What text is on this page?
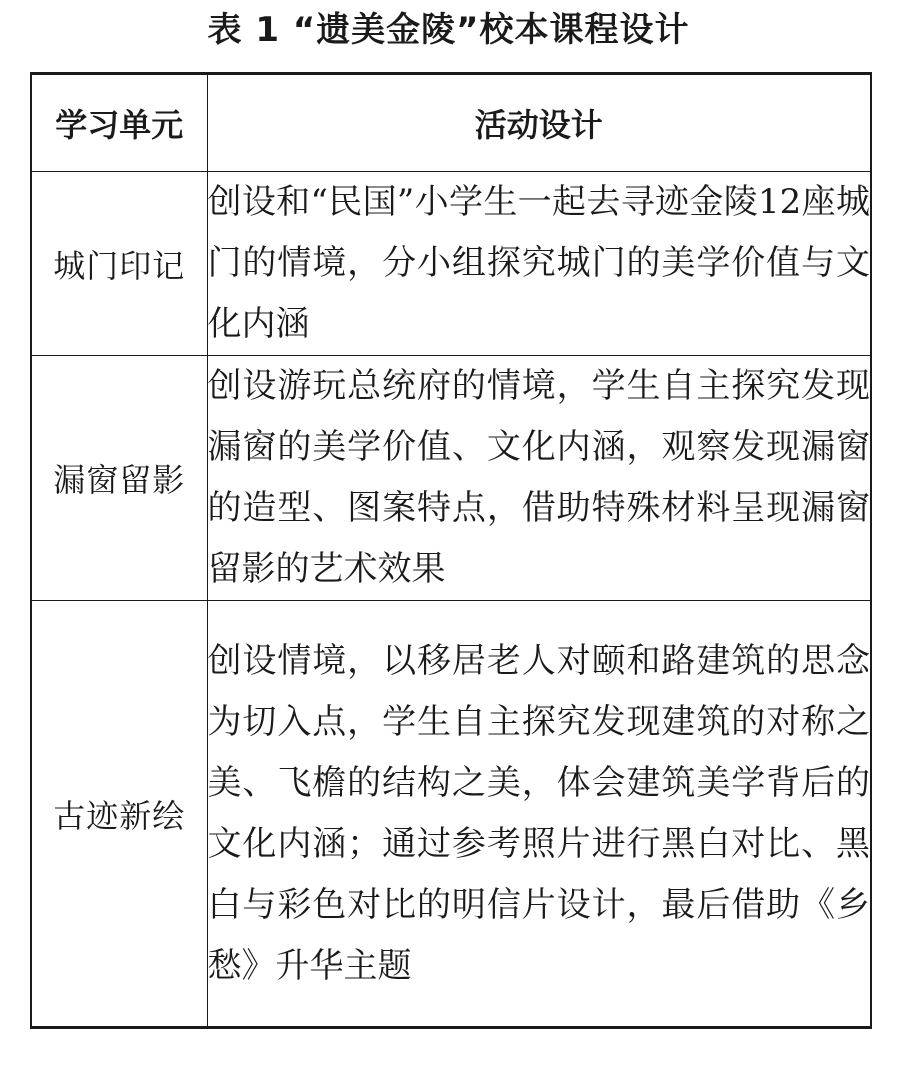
表 1 “遗美金陵”校本课程设计
学习单元	活动设计
城门印记	创设和“民国”小学生一起去寻迹金陵12座城门的情境，分小组探究城门的美学价值与文化内涵
漏窗留影	创设游玩总统府的情境，学生自主探究发现漏窗的美学价值、文化内涵，观察发现漏窗的造型、图案特点，借助特殊材料呈现漏窗留影的艺术效果
古迹新绘	创设情境，以移居老人对颐和路建筑的思念为切入点，学生自主探究发现建筑的对称之美、飞檐的结构之美，体会建筑美学背后的文化内涵；通过参考照片进行黑白对比、黑白与彩色对比的明信片设计，最后借助《乡愁》升华主题
